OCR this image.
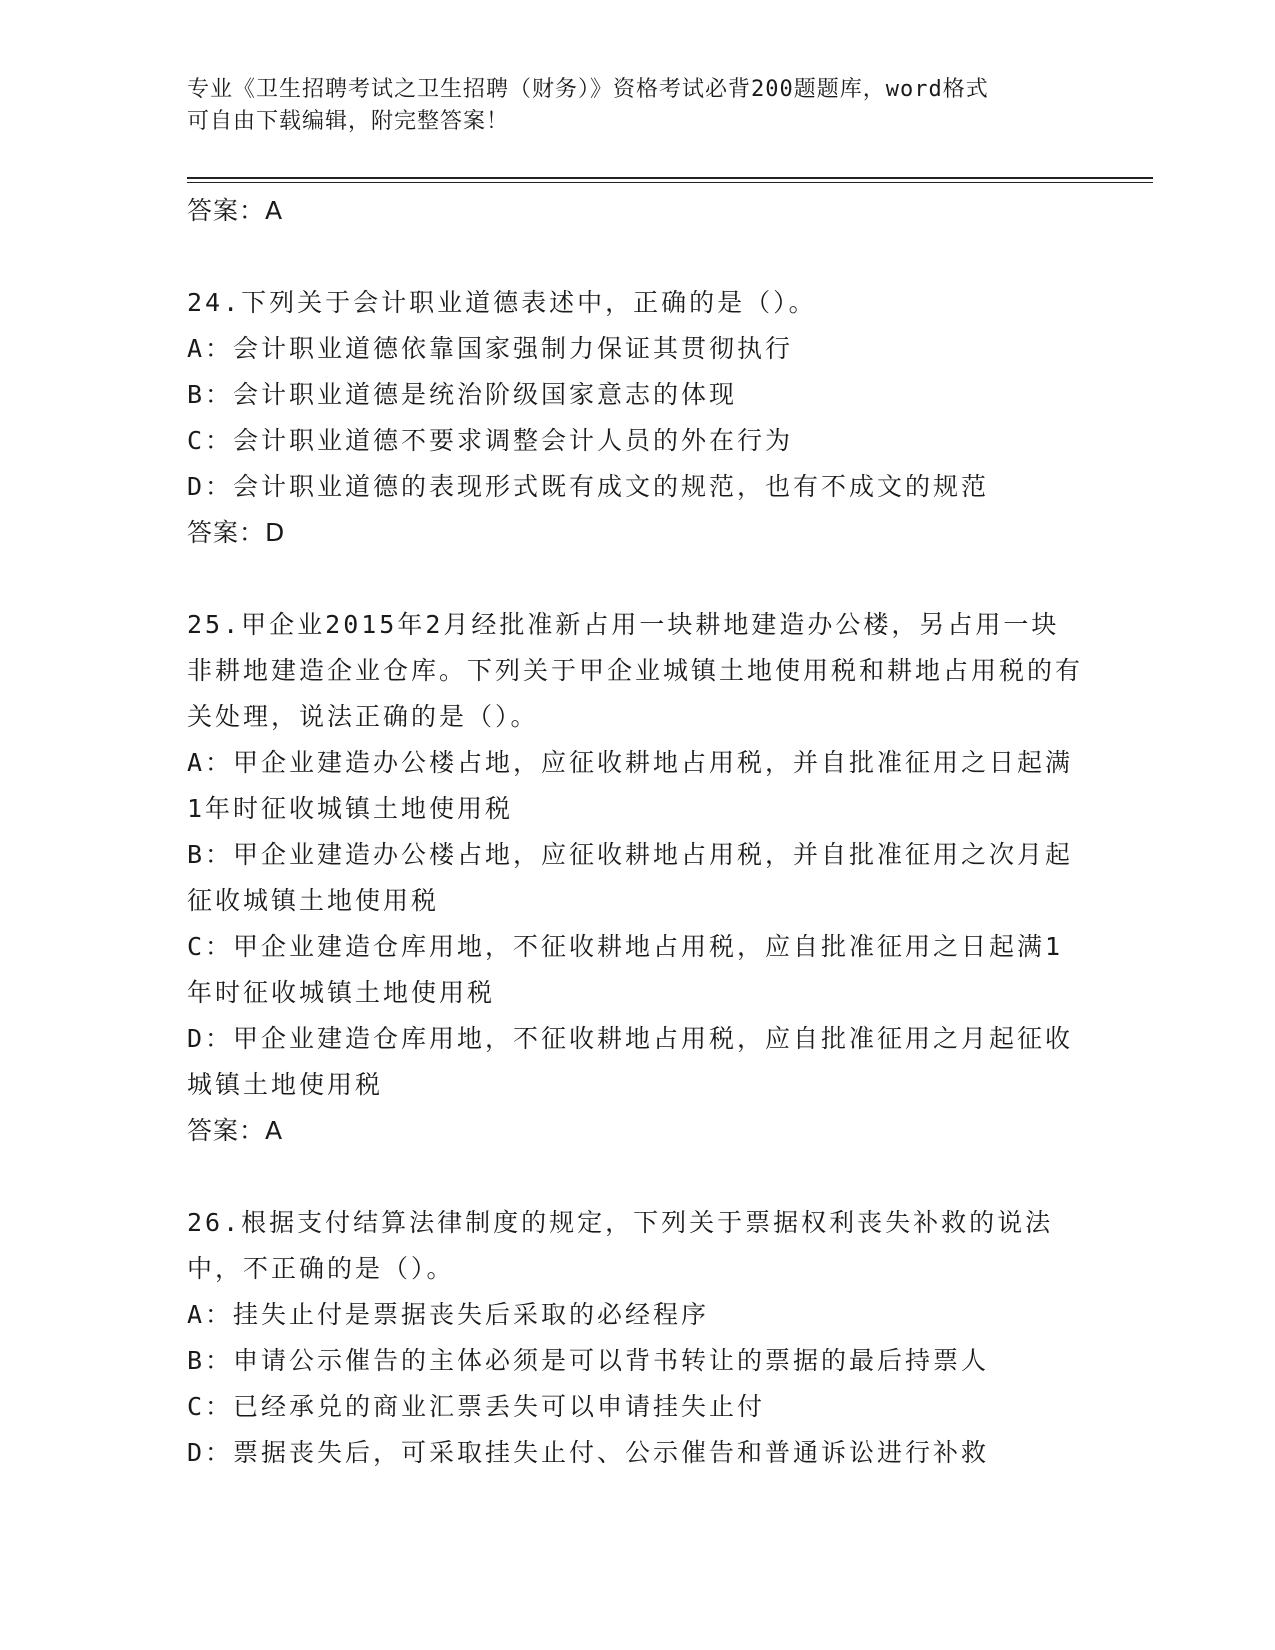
专业《卫生招聘考试之卫生招聘（财务）》资格考试必背200题题库，word格式
可自由下载编辑，附完整答案！
答案：A
24.下列关于会计职业道德表述中，正确的是（）。
A：会计职业道德依靠国家强制力保证其贯彻执行
B：会计职业道德是统治阶级国家意志的体现
C：会计职业道德不要求调整会计人员的外在行为
D：会计职业道德的表现形式既有成文的规范，也有不成文的规范
答案：D
25.甲企业2015年2月经批准新占用一块耕地建造办公楼，另占用一块非耕地建造企业仓库。下列关于甲企业城镇土地使用税和耕地占用税的有关处理，说法正确的是（）。
A：甲企业建造办公楼占地，应征收耕地占用税，并自批准征用之日起满1年时征收城镇土地使用税
B：甲企业建造办公楼占地，应征收耕地占用税，并自批准征用之次月起征收城镇土地使用税
C：甲企业建造仓库用地，不征收耕地占用税，应自批准征用之日起满1年时征收城镇土地使用税
D：甲企业建造仓库用地，不征收耕地占用税，应自批准征用之月起征收城镇土地使用税
答案：A
26.根据支付结算法律制度的规定，下列关于票据权利丧失补救的说法中，不正确的是（）。
A：挂失止付是票据丧失后采取的必经程序
B：申请公示催告的主体必须是可以背书转让的票据的最后持票人
C：已经承兑的商业汇票丢失可以申请挂失止付
D：票据丧失后，可采取挂失止付、公示催告和普通诉讼进行补救
